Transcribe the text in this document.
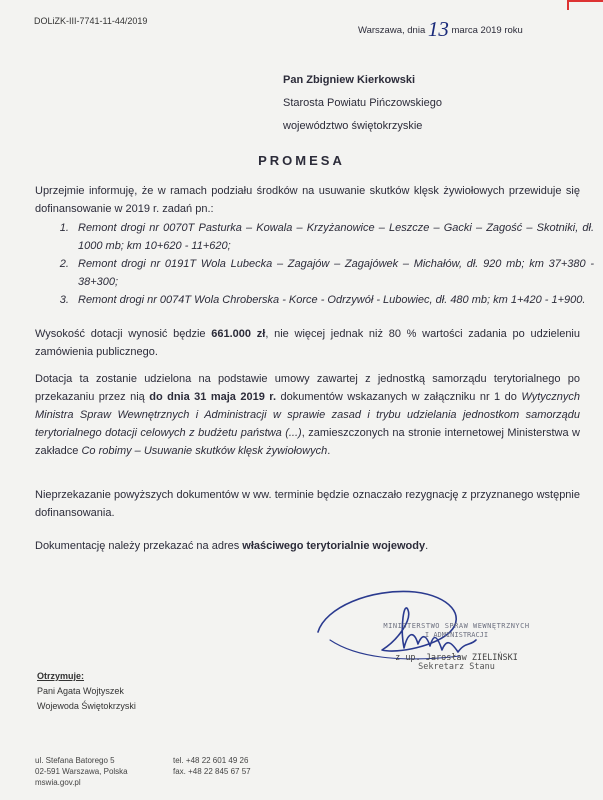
DOLiZK-III-7741-11-44/2019
Warszawa, dnia 13 marca 2019 roku
Pan Zbigniew Kierkowski
Starosta Powiatu Pińczowskiego
województwo świętokrzyskie
PROMESA
Uprzejmie informuję, że w ramach podziału środków na usuwanie skutków klęsk żywiołowych przewiduje się dofinansowanie w 2019 r. zadań pn.:
1. Remont drogi nr 0070T Pasturka – Kowala – Krzyżanowice – Leszcze – Gacki – Zagość – Skotniki, dł. 1000 mb; km 10+620 - 11+620;
2. Remont drogi nr 0191T Wola Lubecka – Zagajów – Zagajówek – Michałów, dł. 920 mb; km 37+380 - 38+300;
3. Remont drogi nr 0074T Wola Chroberska - Korce - Odrzywół - Lubowiec, dł. 480 mb; km 1+420 - 1+900.
Wysokość dotacji wynosić będzie 661.000 zł, nie więcej jednak niż 80 % wartości zadania po udzieleniu zamówienia publicznego.
Dotacja ta zostanie udzielona na podstawie umowy zawartej z jednostką samorządu terytorialnego po przekazaniu przez nią do dnia 31 maja 2019 r. dokumentów wskazanych w załączniku nr 1 do Wytycznych Ministra Spraw Wewnętrznych i Administracji w sprawie zasad i trybu udzielania jednostkom samorządu terytorialnego dotacji celowych z budżetu państwa (...), zamieszczonych na stronie internetowej Ministerstwa w zakładce Co robimy – Usuwanie skutków klęsk żywiołowych.
Nieprzekazanie powyższych dokumentów w ww. terminie będzie oznaczało rezygnację z przyznanego wstępnie dofinansowania.
Dokumentację należy przekazać na adres właściwego terytorialnie wojewody.
MINISTERSTWO SPRAW WEWNĘTRZNYCH
I ADMINISTRACJI
z up. Jarosław ZIELIŃSKI
Sekretarz Stanu
Otrzymuje:
Pani Agata Wojtyszek
Wojewoda Świętokrzyski
ul. Stefana Batorego 5
02-591 Warszawa, Polska
mswia.gov.pl
tel. +48 22 601 49 26
fax. +48 22 845 67 57
